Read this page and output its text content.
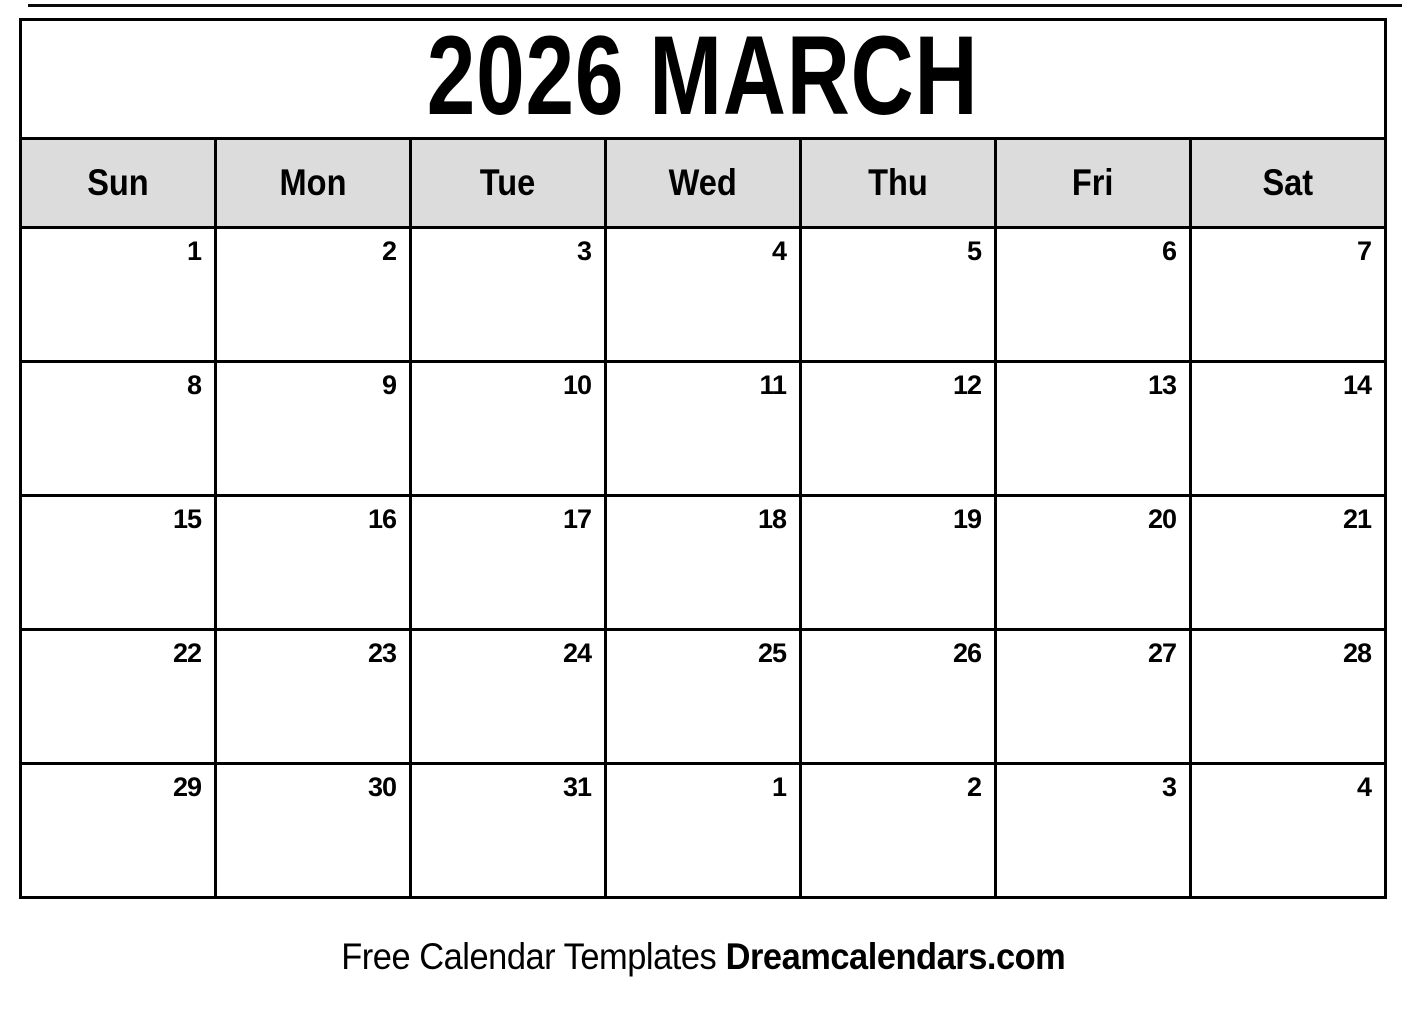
2026 MARCH
Sun	Mon	Tue	Wed	Thu	Fri	Sat

1	2	3	4	5	6	7

8	9	10	11	12	13	14

15	16	17	18	19	20	21

22	23	24	25	26	27	28

29	30	31	1	2	3	4
Free Calendar Templates Dreamcalendars.com
